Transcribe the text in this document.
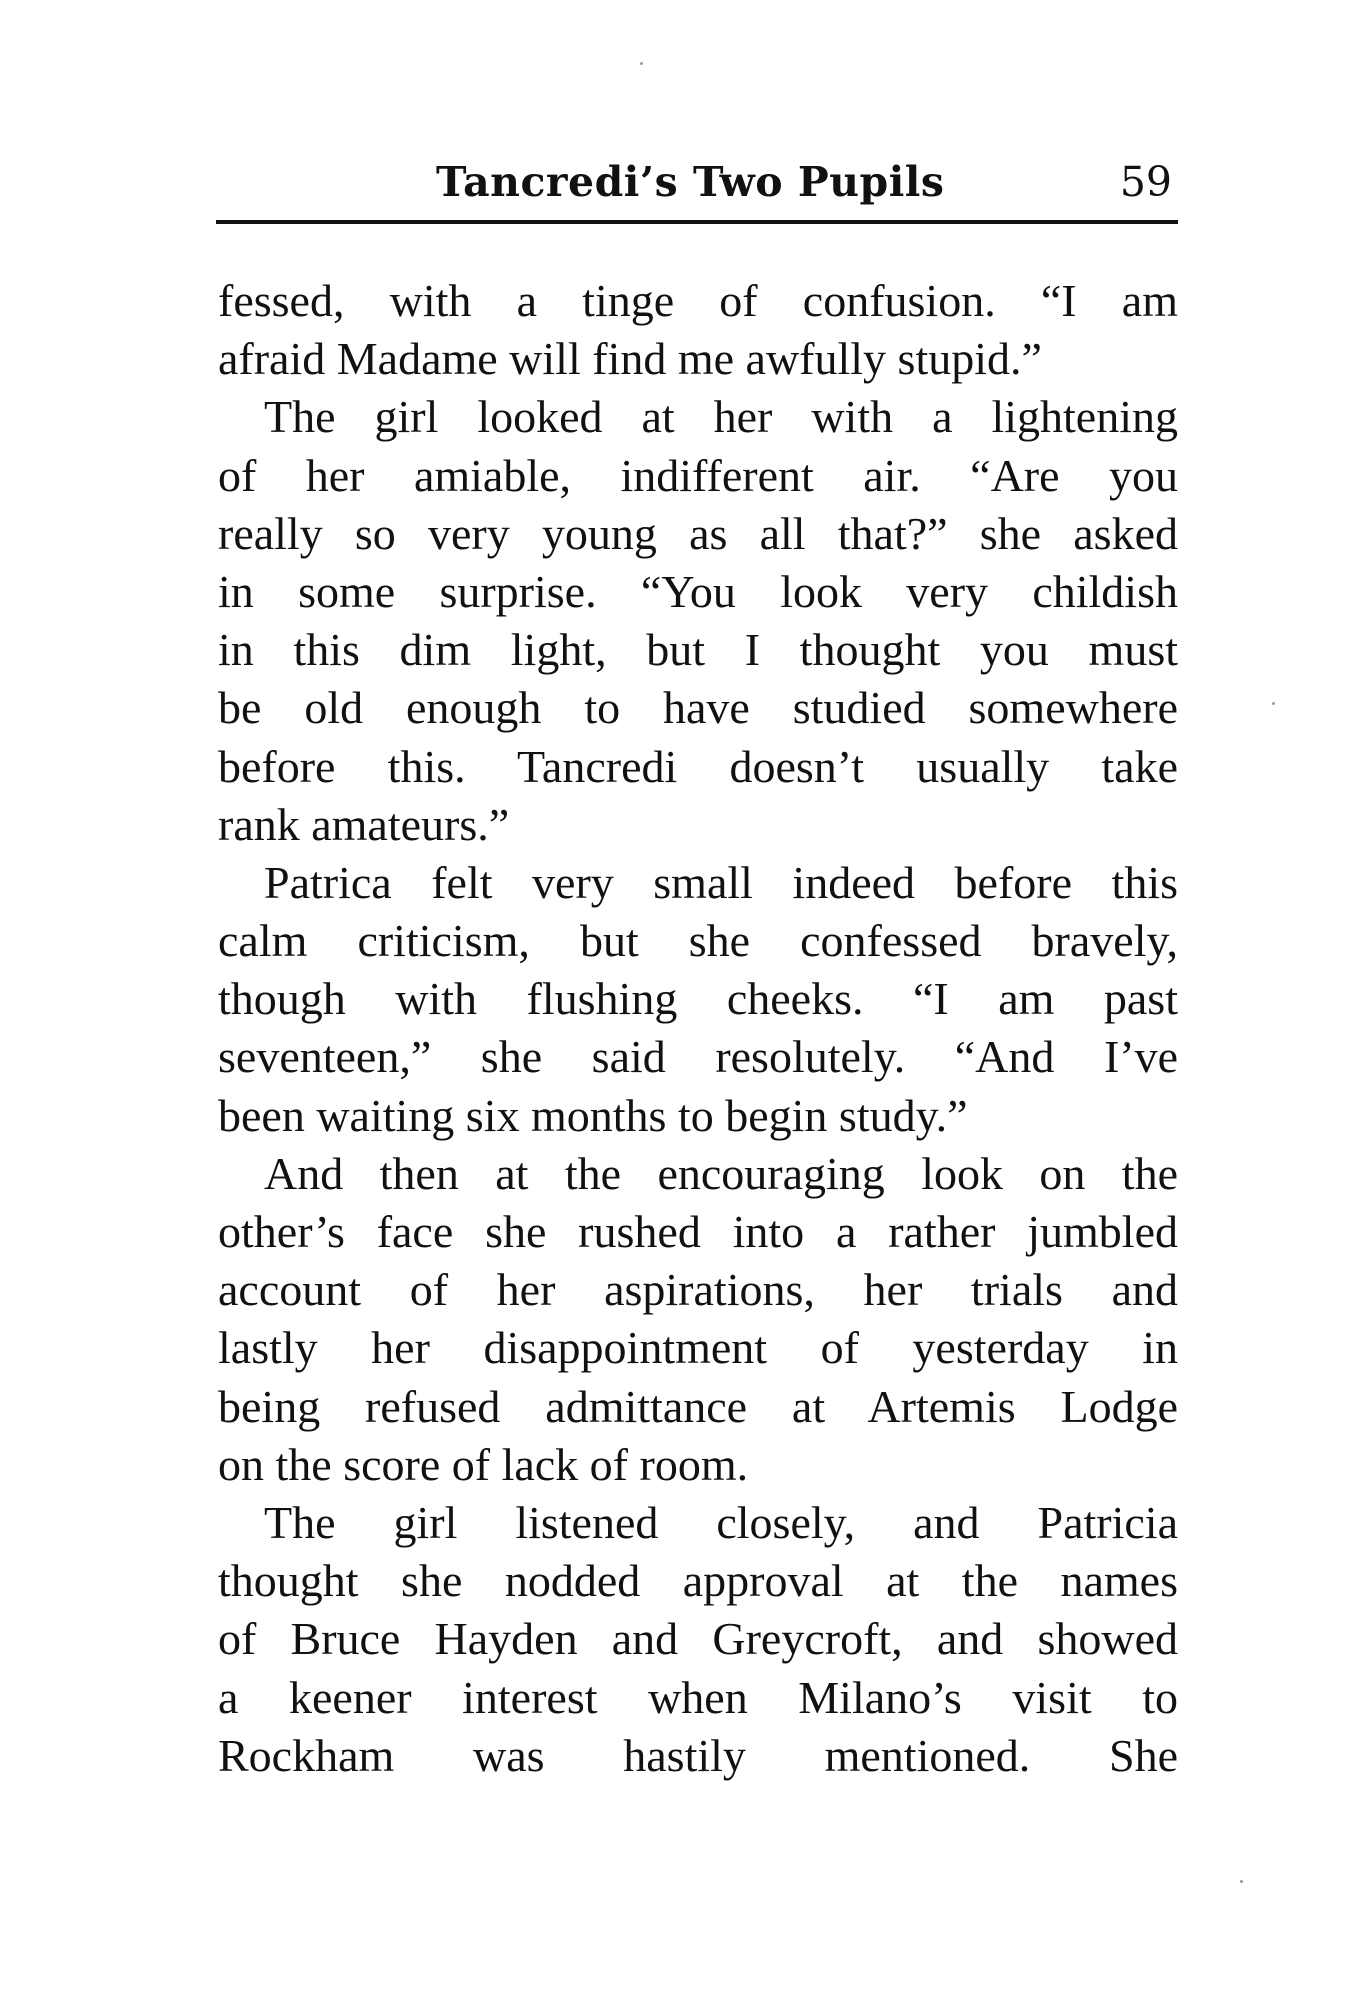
Tancredi’s Two Pupils	59
fessed, with a tinge of confusion. “I am
afraid Madame will find me awfully stupid.”
The girl looked at her with a lightening
of her amiable, indifferent air. “Are you
really so very young as all that?” she asked
in some surprise. “You look very childish
in this dim light, but I thought you must
be old enough to have studied somewhere
before this. Tancredi doesn’t usually take
rank amateurs.”
Patrica felt very small indeed before this
calm criticism, but she confessed bravely,
though with flushing cheeks. “I am past
seventeen,” she said resolutely. “And I’ve
been waiting six months to begin study.”
And then at the encouraging look on the
other’s face she rushed into a rather jumbled
account of her aspirations, her trials and
lastly her disappointment of yesterday in
being refused admittance at Artemis Lodge
on the score of lack of room.
The girl listened closely, and Patricia
thought she nodded approval at the names
of Bruce Hayden and Greycroft, and showed
a keener interest when Milano’s visit to
Rockham was hastily mentioned. She
